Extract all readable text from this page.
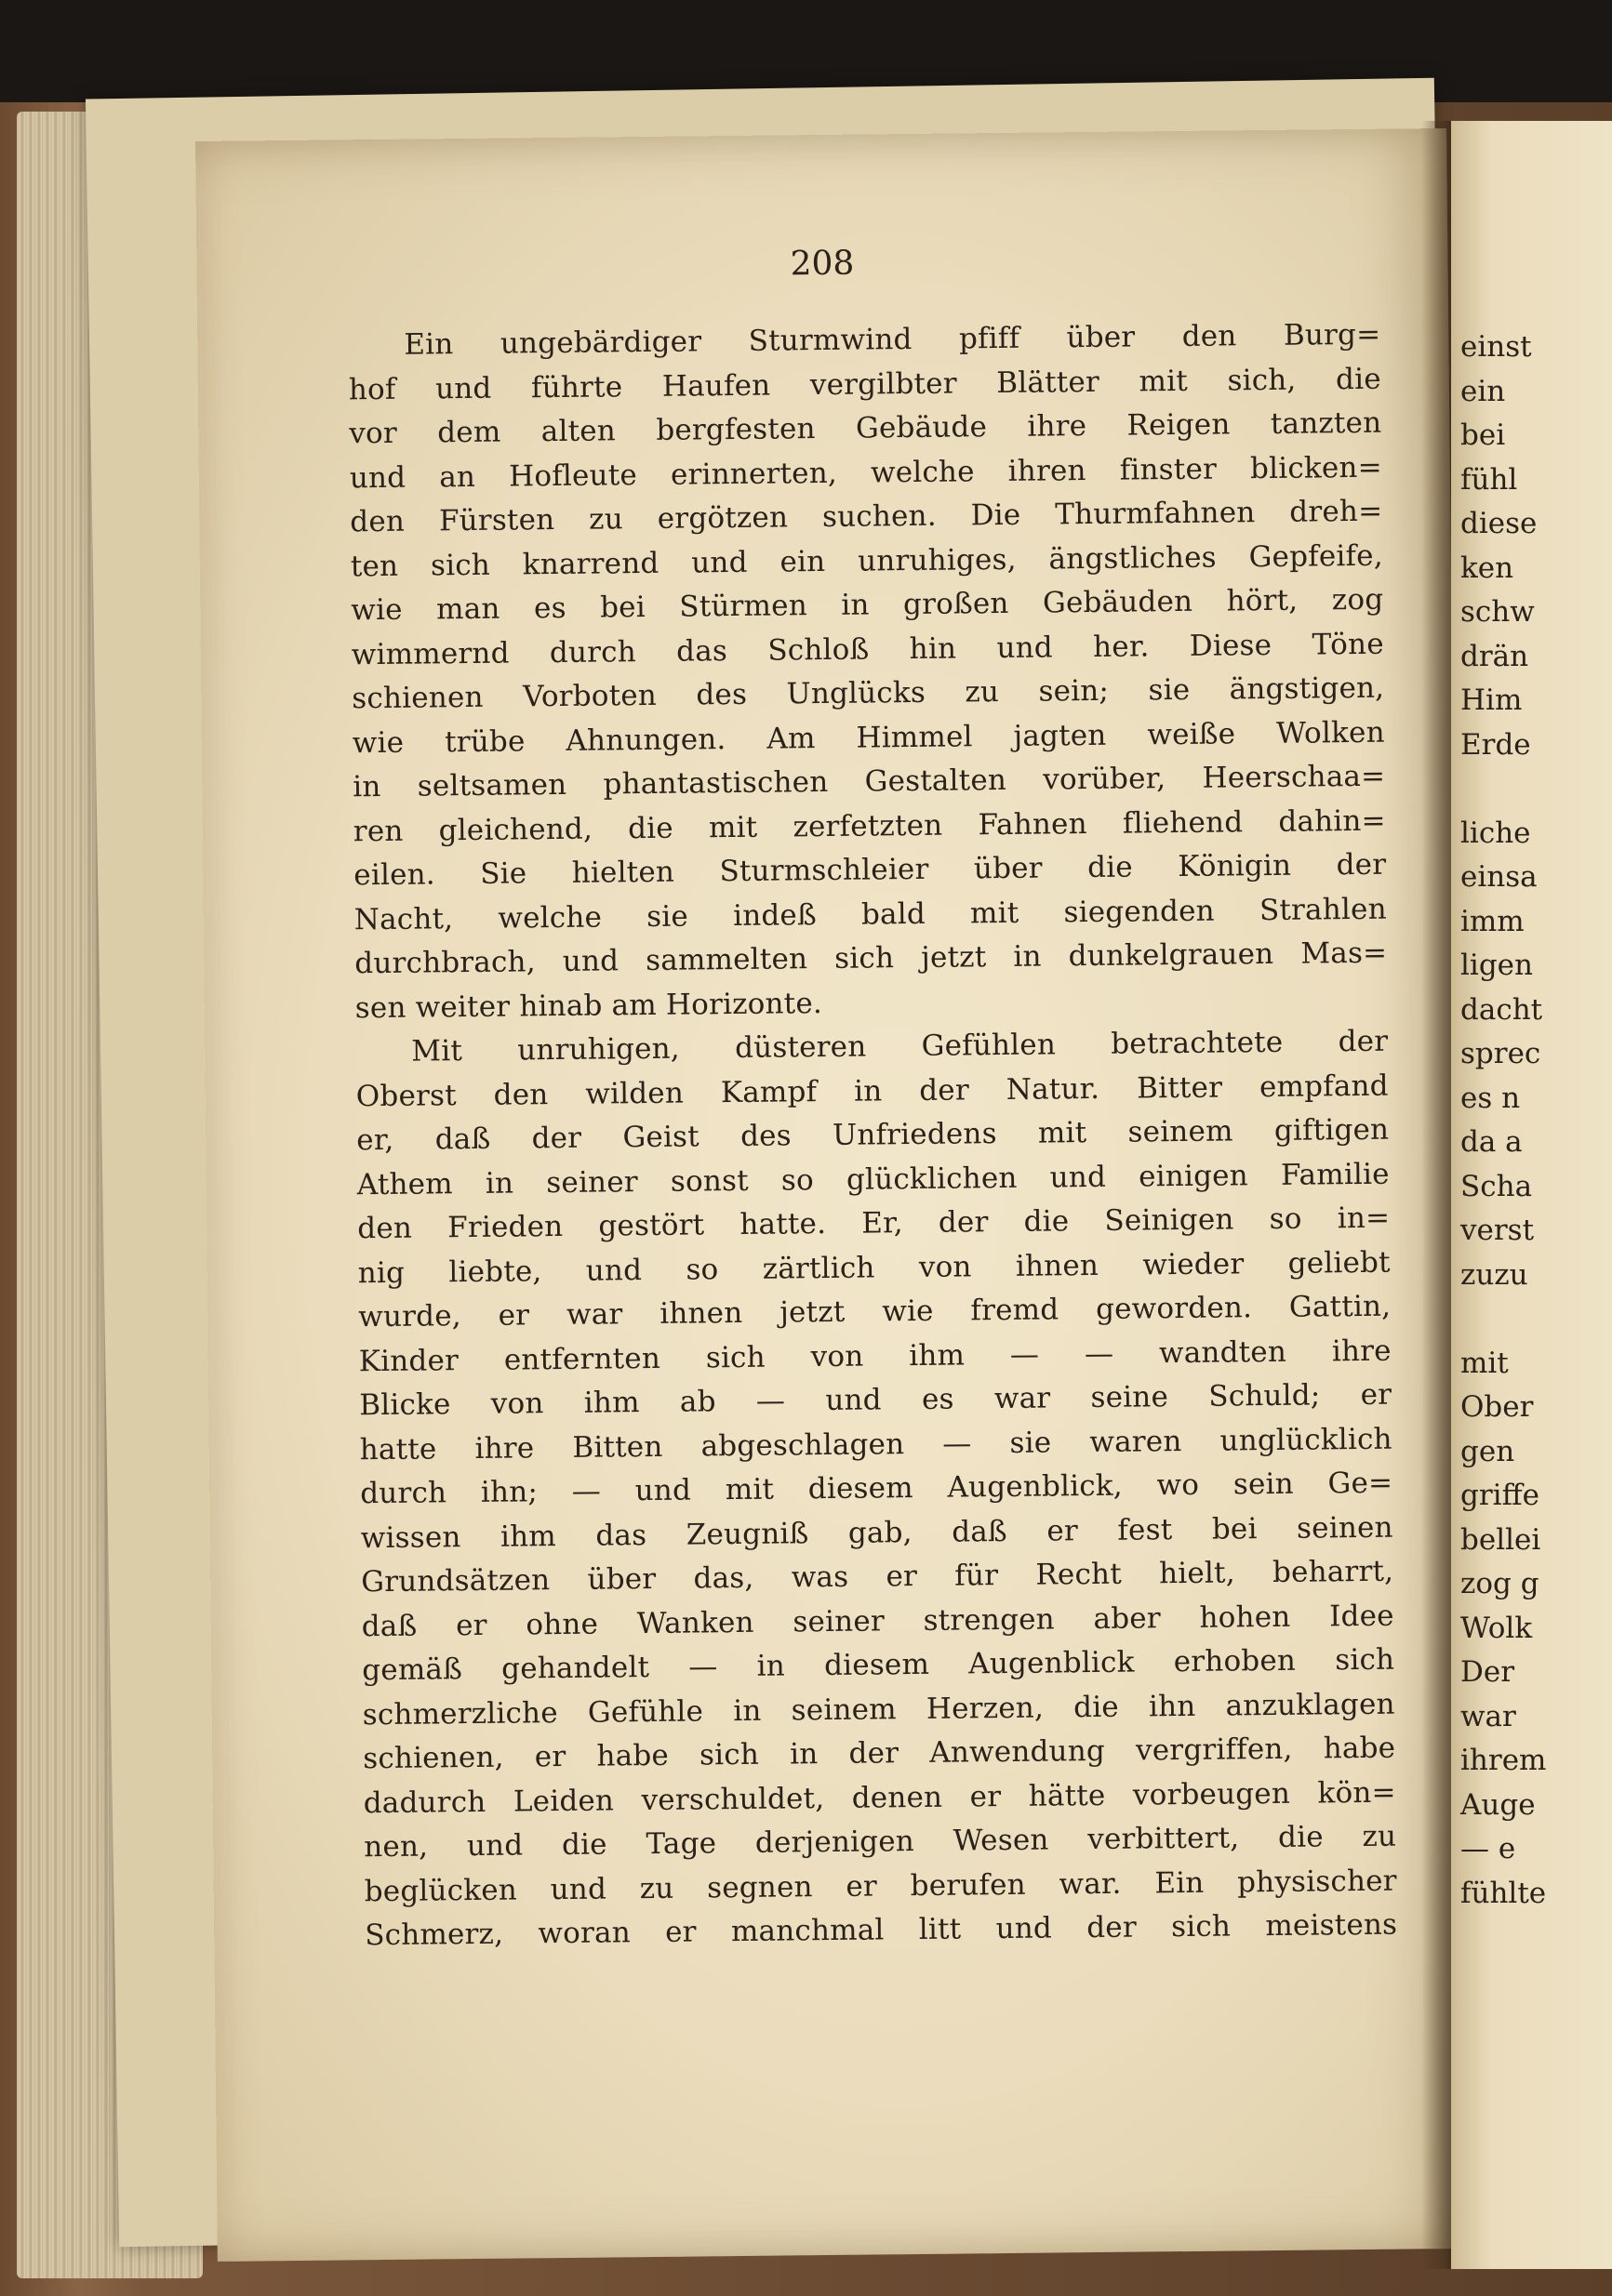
208
Ein ungebärdiger Sturmwind pfiff über den Burg=
hof und führte Haufen vergilbter Blätter mit sich, die
vor dem alten bergfesten Gebäude ihre Reigen tanzten
und an Hofleute erinnerten, welche ihren finster blicken=
den Fürsten zu ergötzen suchen. Die Thurmfahnen dreh=
ten sich knarrend und ein unruhiges, ängstliches Gepfeife,
wie man es bei Stürmen in großen Gebäuden hört, zog
wimmernd durch das Schloß hin und her. Diese Töne
schienen Vorboten des Unglücks zu sein; sie ängstigen,
wie trübe Ahnungen. Am Himmel jagten weiße Wolken
in seltsamen phantastischen Gestalten vorüber, Heerschaa=
ren gleichend, die mit zerfetzten Fahnen fliehend dahin=
eilen. Sie hielten Sturmschleier über die Königin der
Nacht, welche sie indeß bald mit siegenden Strahlen
durchbrach, und sammelten sich jetzt in dunkelgrauen Mas=
sen weiter hinab am Horizonte.
Mit unruhigen, düsteren Gefühlen betrachtete der
Oberst den wilden Kampf in der Natur. Bitter empfand
er, daß der Geist des Unfriedens mit seinem giftigen
Athem in seiner sonst so glücklichen und einigen Familie
den Frieden gestört hatte. Er, der die Seinigen so in=
nig liebte, und so zärtlich von ihnen wieder geliebt
wurde, er war ihnen jetzt wie fremd geworden. Gattin,
Kinder entfernten sich von ihm — — wandten ihre
Blicke von ihm ab — und es war seine Schuld; er
hatte ihre Bitten abgeschlagen — sie waren unglücklich
durch ihn; — und mit diesem Augenblick, wo sein Ge=
wissen ihm das Zeugniß gab, daß er fest bei seinen
Grundsätzen über das, was er für Recht hielt, beharrt,
daß er ohne Wanken seiner strengen aber hohen Idee
gemäß gehandelt — in diesem Augenblick erhoben sich
schmerzliche Gefühle in seinem Herzen, die ihn anzuklagen
schienen, er habe sich in der Anwendung vergriffen, habe
dadurch Leiden verschuldet, denen er hätte vorbeugen kön=
nen, und die Tage derjenigen Wesen verbittert, die zu
beglücken und zu segnen er berufen war. Ein physischer
Schmerz, woran er manchmal litt und der sich meistens
einst
ein
bei
fühl
diese
ken
schw
drän
Him
Erde
liche
einsa
imm
ligen
dacht
sprec
es n
da a
Scha
verst
zuzu
mit
Ober
gen
griffe
bellei
zog g
Wolk
Der
war
ihrem
Auge
— e
fühlte
